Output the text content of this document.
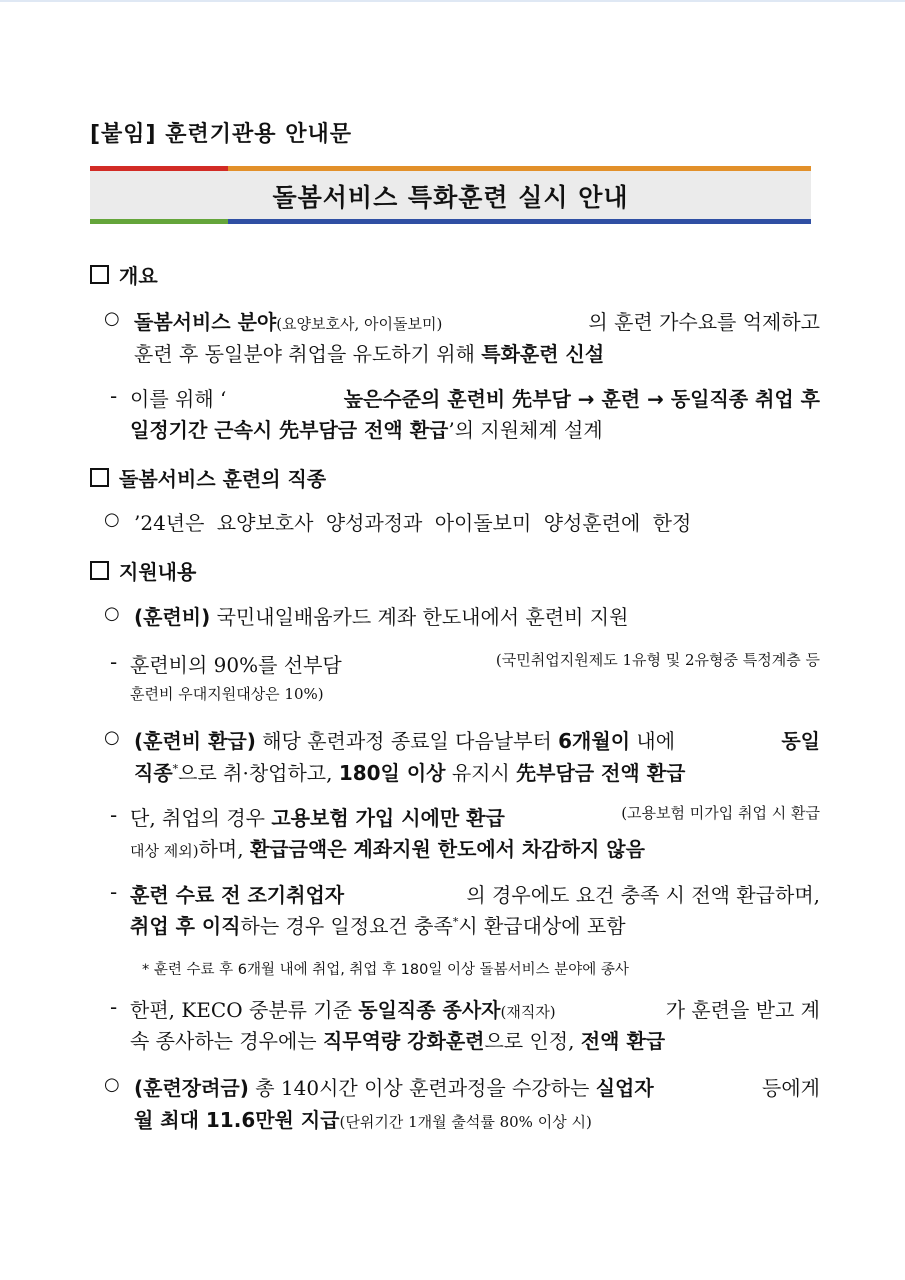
[붙임] 훈련기관용 안내문
돌봄서비스 특화훈련 실시 안내
개요
○ 돌봄서비스 분야(요양보호사, 아이돌보미)	의 훈련 가수요를 억제하고
훈련 후 동일분야 취업을 유도하기 위해 특화훈련 신설
- 이를 위해 ‘	높은수준의 훈련비 先부담 → 훈련 → 동일직종 취업 후
일정기간 근속시 先부담금 전액 환급’의 지원체계 설계
돌봄서비스 훈련의 직종
○ ’24년은 요양보호사 양성과정과 아이돌보미 양성훈련에 한정
지원내용
○ (훈련비) 국민내일배움카드 계좌 한도내에서 훈련비 지원
- 훈련비의 90%를 선부담	(국민취업지원제도 1유형 및 2유형중 특정계층 등
훈련비 우대지원대상은 10%)
○ (훈련비 환급) 해당 훈련과정 종료일 다음날부터 6개월이 내에	동일
직종*으로 취·창업하고, 180일 이상 유지시 先부담금 전액 환급
- 단, 취업의 경우 고용보험 가입 시에만 환급	(고용보험 미가입 취업 시 환급
대상 제외)하며, 환급금액은 계좌지원 한도에서 차감하지 않음
- 훈련 수료 전 조기취업자	의 경우에도 요건 충족 시 전액 환급하며,
취업 후 이직하는 경우 일정요건 충족*시 환급대상에 포함
* 훈련 수료 후 6개월 내에 취업, 취업 후 180일 이상 돌봄서비스 분야에 종사
- 한편, KECO 중분류 기준 동일직종 종사자(재직자)	가 훈련을 받고 계
속 종사하는 경우에는 직무역량 강화훈련으로 인정, 전액 환급
○ (훈련장려금) 총 140시간 이상 훈련과정을 수강하는 실업자	등에게
월 최대 11.6만원 지급(단위기간 1개월 출석률 80% 이상 시)
